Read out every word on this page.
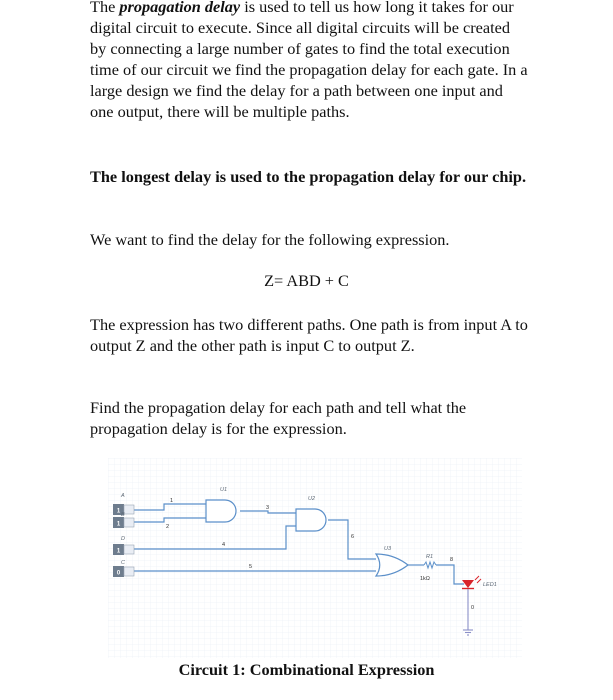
The propagation delay is used to tell us how long it takes for our digital circuit to execute. Since all digital circuits will be created by connecting a large number of gates to find the total execution time of our circuit we find the propagation delay for each gate. In a large design we find the delay for a path between one input and one output, there will be multiple paths.

The longest delay is used to the propagation delay for our chip.

We want to find the delay for the following expression.

Z= ABD + C

The expression has two different paths. One path is from input A to output Z and the other path is input C to output Z.

Find the propagation delay for each path and tell what the propagation delay is for the expression.

1
1
1
0
A
B
D
C
U1
U2
U3
1
2
3
4
5
6
8
0
R1
1kΩ
LED1

Circuit 1: Combinational Expression
